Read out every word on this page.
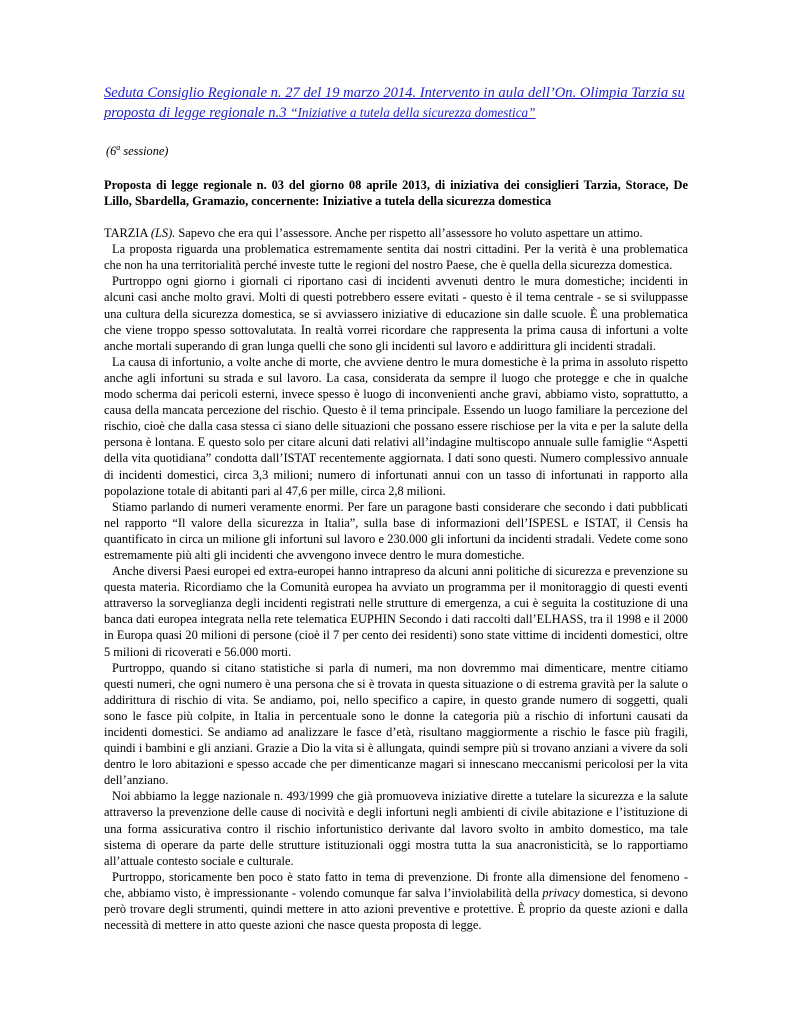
Seduta Consiglio Regionale n. 27 del 19 marzo 2014. Intervento in aula dell’On. Olimpia Tarzia su proposta di legge regionale n.3 “Iniziative a tutela della sicurezza domestica”

(6$^a$ sessione)

Proposta di legge regionale n. 03 del giorno 08 aprile 2013, di iniziativa dei consiglieri Tarzia, Storace, De Lillo, Sbardella, Gramazio, concernente: Iniziative a tutela della sicurezza domestica

TARZIA (LS). Sapevo che era qui l’assessore. Anche per rispetto all’assessore ho voluto aspettare un attimo.

La proposta riguarda una problematica estremamente sentita dai nostri cittadini. Per la verità è una problematica che non ha una territorialità perché investe tutte le regioni del nostro Paese, che è quella della sicurezza domestica.

Purtroppo ogni giorno i giornali ci riportano casi di incidenti avvenuti dentro le mura domestiche; incidenti in alcuni casi anche molto gravi. Molti di questi potrebbero essere evitati - questo è il tema centrale - se si sviluppasse una cultura della sicurezza domestica, se si avviassero iniziative di educazione sin dalle scuole. È una problematica che viene troppo spesso sottovalutata. In realtà vorrei ricordare che rappresenta la prima causa di infortuni a volte anche mortali superando di gran lunga quelli che sono gli incidenti sul lavoro e addirittura gli incidenti stradali.

La causa di infortunio, a volte anche di morte, che avviene dentro le mura domestiche è la prima in assoluto rispetto anche agli infortuni su strada e sul lavoro. La casa, considerata da sempre il luogo che protegge e che in qualche modo scherma dai pericoli esterni, invece spesso è luogo di inconvenienti anche gravi, abbiamo visto, soprattutto, a causa della mancata percezione del rischio. Questo è il tema principale. Essendo un luogo familiare la percezione del rischio, cioè che dalla casa stessa ci siano delle situazioni che possano essere rischiose per la vita e per la salute della persona è lontana. E questo solo per citare alcuni dati relativi all’indagine multiscopo annuale sulle famiglie “Aspetti della vita quotidiana” condotta dall’ISTAT recentemente aggiornata. I dati sono questi. Numero complessivo annuale di incidenti domestici, circa 3,3 milioni; numero di infortunati annui con un tasso di infortunati in rapporto alla popolazione totale di abitanti pari al 47,6 per mille, circa 2,8 milioni.

Stiamo parlando di numeri veramente enormi. Per fare un paragone basti considerare che secondo i dati pubblicati nel rapporto “Il valore della sicurezza in Italia”, sulla base di informazioni dell’ISPESL e ISTAT, il Censis ha quantificato in circa un milione gli infortuni sul lavoro e 230.000 gli infortuni da incidenti stradali. Vedete come sono estremamente più alti gli incidenti che avvengono invece dentro le mura domestiche.

Anche diversi Paesi europei ed extra-europei hanno intrapreso da alcuni anni politiche di sicurezza e prevenzione su questa materia. Ricordiamo che la Comunità europea ha avviato un programma per il monitoraggio di questi eventi attraverso la sorveglianza degli incidenti registrati nelle strutture di emergenza, a cui è seguita la costituzione di una banca dati europea integrata nella rete telematica EUPHIN Secondo i dati raccolti dall’ELHASS, tra il 1998 e il 2000 in Europa quasi 20 milioni di persone (cioè il 7 per cento dei residenti) sono state vittime di incidenti domestici, oltre 5 milioni di ricoverati e 56.000 morti.

Purtroppo, quando si citano statistiche si parla di numeri, ma non dovremmo mai dimenticare, mentre citiamo questi numeri, che ogni numero è una persona che si è trovata in questa situazione o di estrema gravità per la salute o addirittura di rischio di vita. Se andiamo, poi, nello specifico a capire, in questo grande numero di soggetti, quali sono le fasce più colpite, in Italia in percentuale sono le donne la categoria più a rischio di infortuni causati da incidenti domestici. Se andiamo ad analizzare le fasce d’età, risultano maggiormente a rischio le fasce più fragili, quindi i bambini e gli anziani. Grazie a Dio la vita si è allungata, quindi sempre più si trovano anziani a vivere da soli dentro le loro abitazioni e spesso accade che per dimenticanze magari si innescano meccanismi pericolosi per la vita dell’anziano.

Noi abbiamo la legge nazionale n. 493/1999 che già promuoveva iniziative dirette a tutelare la sicurezza e la salute attraverso la prevenzione delle cause di nocività e degli infortuni negli ambienti di civile abitazione e l’istituzione di una forma assicurativa contro il rischio infortunistico derivante dal lavoro svolto in ambito domestico, ma tale sistema di operare da parte delle strutture istituzionali oggi mostra tutta la sua anacronisticità, se lo rapportiamo all’attuale contesto sociale e culturale.

Purtroppo, storicamente ben poco è stato fatto in tema di prevenzione. Di fronte alla dimensione del fenomeno - che, abbiamo visto, è impressionante - volendo comunque far salva l’inviolabilità della privacy domestica, si devono però trovare degli strumenti, quindi mettere in atto azioni preventive e protettive. È proprio da queste azioni e dalla necessità di mettere in atto queste azioni che nasce questa proposta di legge.
